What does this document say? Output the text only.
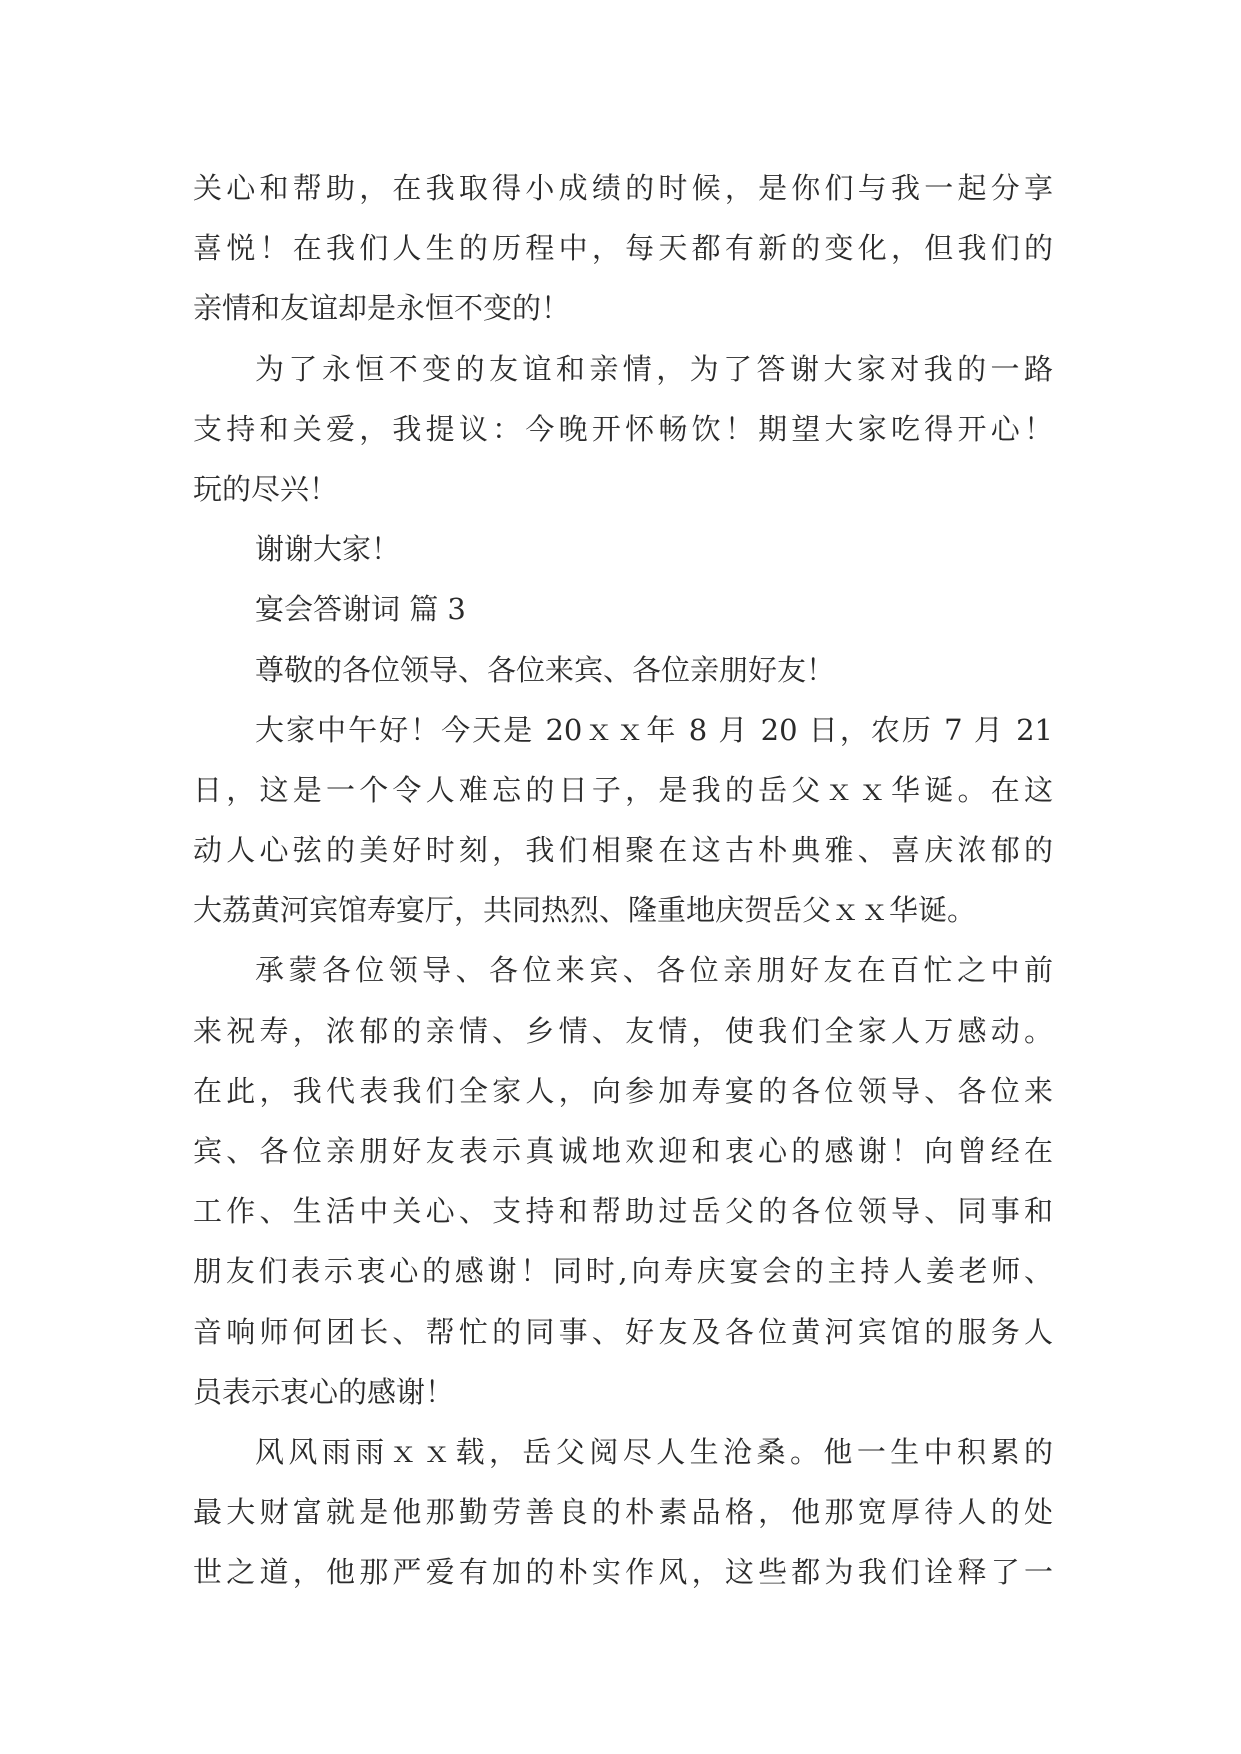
关心和帮助，在我取得小成绩的时候，是你们与我一起分享
喜悦！在我们人生的历程中，每天都有新的变化，但我们的
亲情和友谊却是永恒不变的！
为了永恒不变的友谊和亲情，为了答谢大家对我的一路
支持和关爱，我提议：今晚开怀畅饮！期望大家吃得开心！
玩的尽兴！
谢谢大家！
宴会答谢词 篇 3
尊敬的各位领导、各位来宾、各位亲朋好友！
大家中午好！今天是 20ｘｘ年 8 月 20 日，农历 7 月 21
日，这是一个令人难忘的日子，是我的岳父ｘｘ华诞。在这
动人心弦的美好时刻，我们相聚在这古朴典雅、喜庆浓郁的
大荔黄河宾馆寿宴厅，共同热烈、隆重地庆贺岳父ｘｘ华诞。
承蒙各位领导、各位来宾、各位亲朋好友在百忙之中前
来祝寿，浓郁的亲情、乡情、友情，使我们全家人万感动。
在此，我代表我们全家人，向参加寿宴的各位领导、各位来
宾、各位亲朋好友表示真诚地欢迎和衷心的感谢！向曾经在
工作、生活中关心、支持和帮助过岳父的各位领导、同事和
朋友们表示衷心的感谢！同时,向寿庆宴会的主持人姜老师、
音响师何团长、帮忙的同事、好友及各位黄河宾馆的服务人
员表示衷心的感谢！
风风雨雨ｘｘ载，岳父阅尽人生沧桑。他一生中积累的
最大财富就是他那勤劳善良的朴素品格，他那宽厚待人的处
世之道，他那严爱有加的朴实作风，这些都为我们诠释了一
